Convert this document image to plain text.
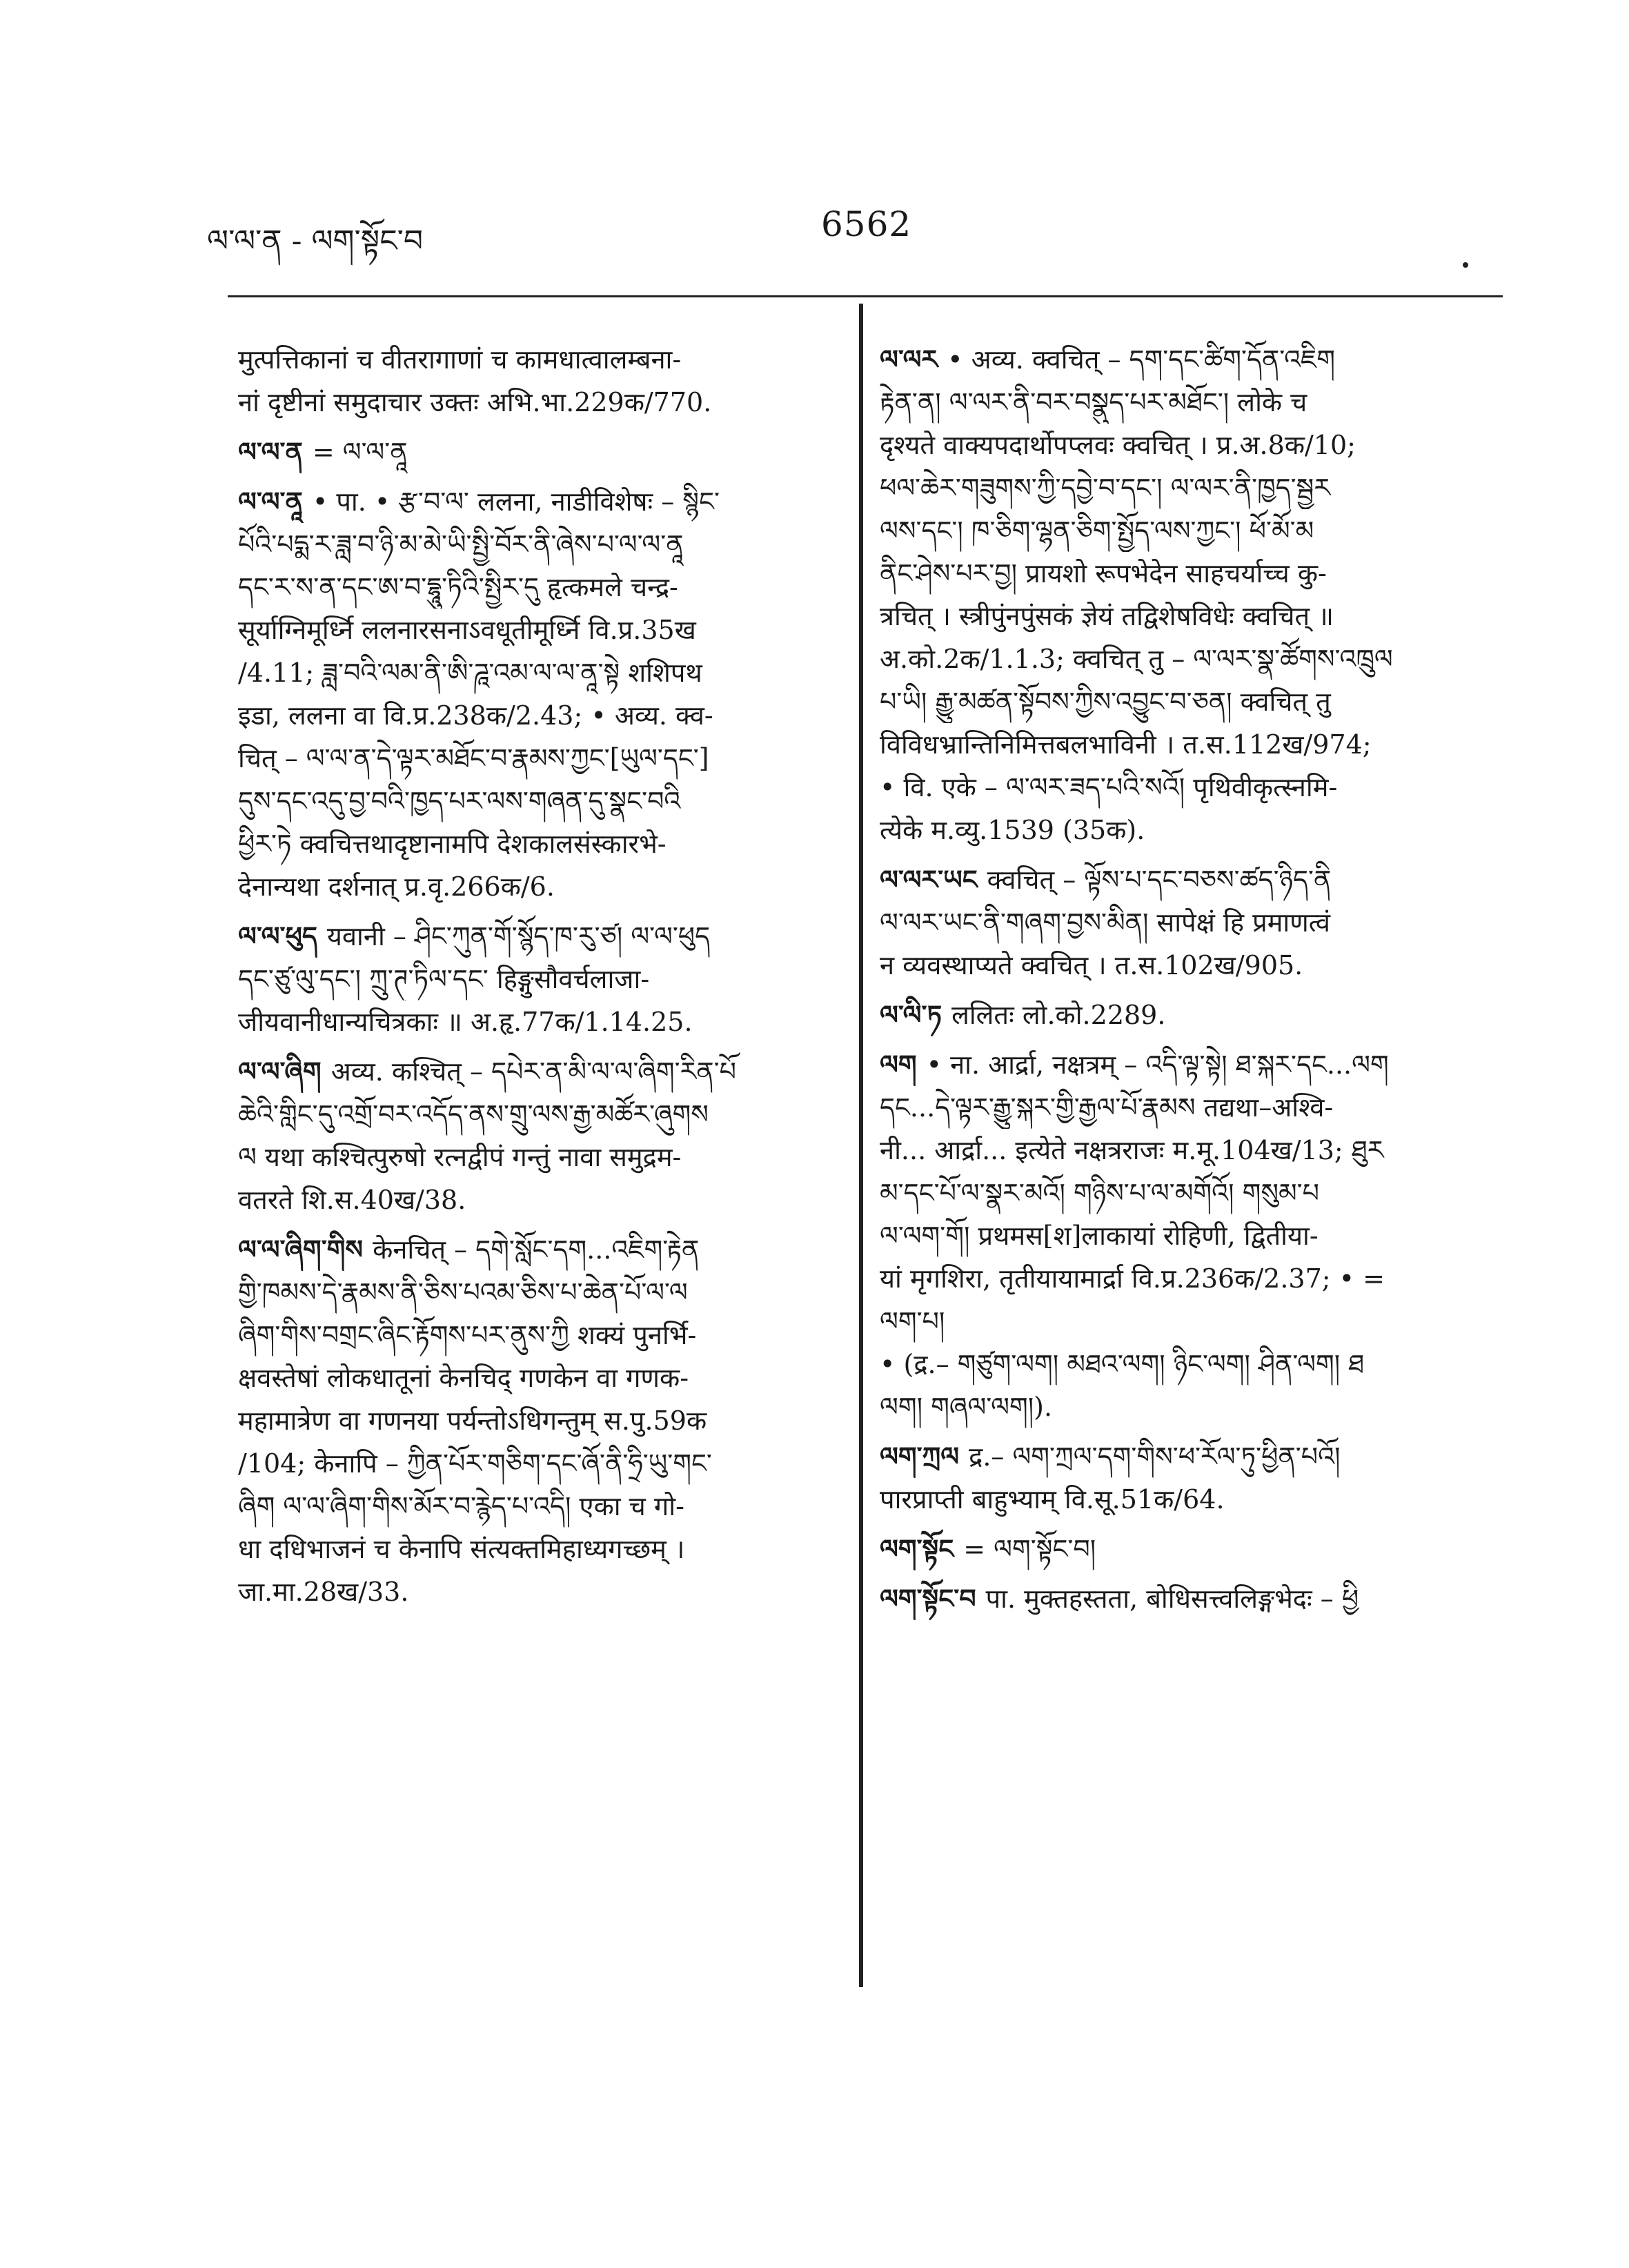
ལ་ལ་ན - ལག་སྟོང་བ	6562
मुत्पत्तिकानां च वीतरागाणां च कामधात्वालम्बना-
नां दृष्टीनां समुदाचार उक्तः अभि.भा.229क/770.
ལ་ལ་ན = ལ་ལ་ནཱ
ལ་ལ་ནཱ • पा. • རྩ་བ་ལ་ ललना, नाडीविशेषः – སྙིང་
པོའི་པདྨ་ར་ཟླ་བ་ཉི་མ་མེ་ཡི་སྤྱི་བོར་ནི་ཞེས་པ་ལ་ལ་ནཱ
དང་ར་ས་ན་དང་ཨ་བ་དྷཱུ་ཏིའི་སྤྱིར་དུ हृत्कमले चन्द्र-
सूर्याग्निमूर्ध्नि ललनारसनाऽवधूतीमूर्ध्नि वि.प्र.35ख
/4.11; ཟླ་བའི་ལམ་ནི་ཨི་ཌཱ་འམ་ལ་ལ་ནཱ་སྟེ शशिपथ
इडा, ललना वा वि.प्र.238क/2.43; • अव्य. क्व-
चित् – ལ་ལ་ན་དེ་ལྟར་མཐོང་བ་རྣམས་ཀྱང་[ཡུལ་དང་]
དུས་དང་འདུ་བྱ་བའི་ཁྱད་པར་ལས་གཞན་དུ་སྣང་བའི
ཕྱིར་ཏེ क्वचित्तथादृष्टानामपि देशकालसंस्कारभे-
देनान्यथा दर्शनात् प्र.वृ.266क/6.
ལ་ལ་ཕུད यवानी – ཤིང་ཀུན་གོ་སྙོད་ཁ་རུ་ཙ། ལ་ལ་ཕུད
དང་ཙུ་ལུ་དང་། ཀྲུ་ཊྲུ་ཏིལ་དང་ हिङ्गुसौवर्चलाजा-
जीयवानीधान्यचित्रकाः ॥ अ.हृ.77क/1.14.25.
ལ་ལ་ཞིག अव्य. कश्चित् – དཔེར་ན་མི་ལ་ལ་ཞིག་རིན་པོ
ཆེའི་གླིང་དུ་འགྲོ་བར་འདོད་ནས་གྲུ་ལས་རྒྱ་མཚོར་ཞུགས
ལ यथा कश्चित्पुरुषो रत्नद्वीपं गन्तुं नावा समुद्रम-
वतरते शि.स.40ख/38.
ལ་ལ་ཞིག་གིས केनचित् – དགེ་སློང་དག...འཇིག་རྟེན
གྱི་ཁམས་དེ་རྣམས་ནི་ཅིས་པའམ་ཅིས་པ་ཆེན་པོ་ལ་ལ
ཞིག་གིས་བགྲང་ཞིང་རྟོགས་པར་ནུས་ཀྱི शक्यं पुनर्भि-
क्षवस्तेषां लोकधातूनां केनचिद् गणकेन वा गणक-
महामात्रेण वा गणनया पर्यन्तोऽधिगन्तुम् स.पु.59क
/104; केनापि – ཀྱིན་པོར་གཅིག་དང་ཞོ་ནི་ཧྲི་ཡུ་གང་
ཞིག ལ་ལ་ཞིག་གིས་མོར་བ་རྙེད་པ་འདི། एका च गो-
धा दधिभाजनं च केनापि संत्यक्तमिहाध्यगच्छम् ।
जा.मा.28ख/33.
ལ་ལར • अव्य. क्वचित् – དག་དང་ཚིག་དོན་འཇིག
རྟེན་ན། ལ་ལར་ནི་བར་བསྣུད་པར་མཐོང་། लोके च
दृश्यते वाक्यपदार्थोपप्लवः क्वचित् । प्र.अ.8क/10;
ཕལ་ཆེར་གཟུགས་ཀྱི་དབྱེ་བ་དང་། ལ་ལར་ནི་ཁྱད་སྦྱར
ལས་དང་། ཁ་ཅིག་ལྷན་ཅིག་སྤྱོད་ལས་ཀྱང་། ཕོ་མོ་མ
ནིང་ཤེས་པར་བྱ། प्रायशो रूपभेदेन साहचर्याच्च कु-
त्रचित् । स्त्रीपुंनपुंसकं ज्ञेयं तद्विशेषविधेः क्वचित् ॥
अ.को.2क/1.1.3; क्वचित् तु – ལ་ལར་སྣ་ཚོགས་འཁྲུལ
པ་ཡི། རྒྱུ་མཚན་སྟོབས་ཀྱིས་འབྱུང་བ་ཅན། क्वचित् तु
विविधभ्रान्तिनिमित्तबलभाविनी । त.स.112ख/974;
• वि. एके – ལ་ལར་ཟད་པའི་སའོ། पृथिवीकृत्स्नमि-
त्येके म.व्यु.1539 (35क).
ལ་ལར་ཡང क्वचित् – ལྟོས་པ་དང་བཅས་ཚད་ཉིད་ནི
ལ་ལར་ཡང་ནི་གཞག་བྱས་མིན། सापेक्षं हि प्रमाणत्वं
न व्यवस्थाप्यते क्वचित् । त.स.102ख/905.
ལ་ལི་ཏ ललितः लो.को.2289.
ལག • ना. आर्द्रा, नक्षत्रम् – འདི་ལྟ་སྟེ། ཐ་སྐར་དང...ལག
དང...དེ་ལྟར་རྒྱུ་སྐར་གྱི་རྒྱལ་པོ་རྣམས तद्यथा–अश्वि-
नी... आर्द्रा... इत्येते नक्षत्रराजः म.मू.104ख/13; ཐུར
མ་དང་པོ་ལ་སྣར་མའོ། གཉིས་པ་ལ་མགོའོ། གསུམ་པ
ལ་ལག་གོ། प्रथमस[श]लाकायां रोहिणी, द्वितीया-
यां मृगशिरा, तृतीयायामार्द्रा वि.प्र.236क/2.37; • =
ལག་པ།
• (द्र.– གཙུག་ལག། མཐའ་ལག། ཉིང་ལག། ཤིན་ལག། ཐ
ལག། གཞལ་ལག།).
ལག་ཀྲལ द्र.– ལག་ཀྲལ་དག་གིས་ཕ་རོལ་ཏུ་ཕྱིན་པའོ།
पारप्राप्ती बाहुभ्याम् वि.सू.51क/64.
ལག་སྟོང = ལག་སྟོང་བ།
ལག་སྟོང་བ पा. मुक्तहस्तता, बोधिसत्त्वलिङ्गभेदः – ཕྱི
